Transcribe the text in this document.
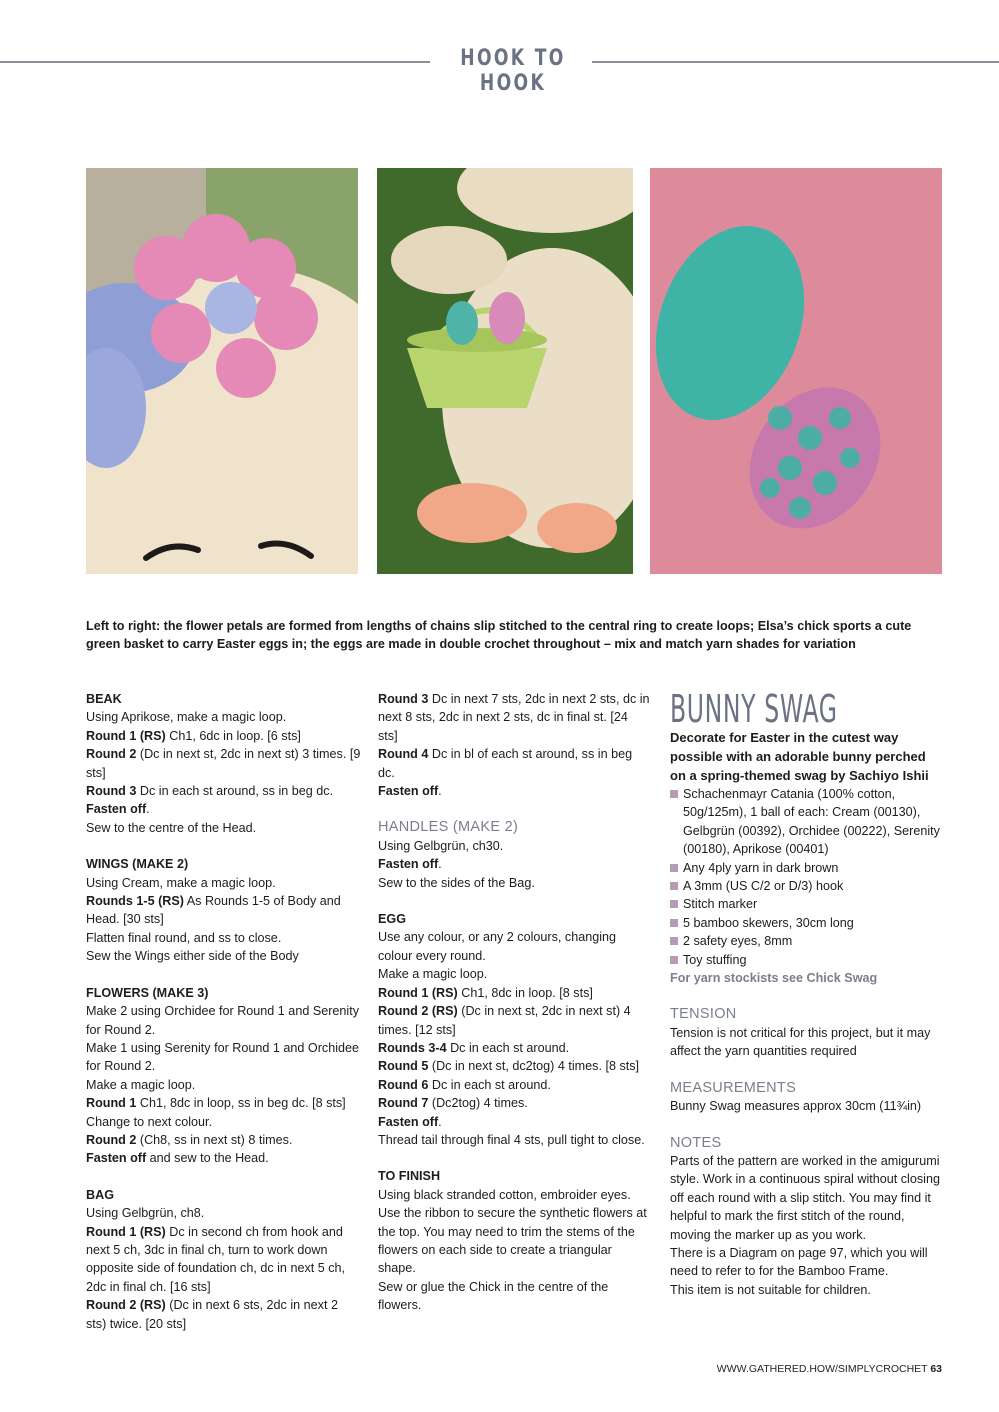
HOOK TO HOOK
Left to right: the flower petals are formed from lengths of chains slip stitched to the central ring to create loops; Elsa’s chick sports a cute green basket to carry Easter eggs in; the eggs are made in double crochet throughout – mix and match yarn shades for variation

BEAK

Using Aprikose, make a magic loop.

Round 1 (RS) Ch1, 6dc in loop. [6 sts]

Round 2 (Dc in next st, 2dc in next st) 3 times. [9 sts]

Round 3 Dc in each st around, ss in beg dc.

Fasten off.

Sew to the centre of the Head.

WINGS (MAKE 2)

Using Cream, make a magic loop.

Rounds 1-5 (RS) As Rounds 1-5 of Body and Head. [30 sts]

Flatten final round, and ss to close.

Sew the Wings either side of the Body

FLOWERS (MAKE 3)

Make 2 using Orchidee for Round 1 and Serenity for Round 2.

Make 1 using Serenity for Round 1 and Orchidee for Round 2.

Make a magic loop.

Round 1 Ch1, 8dc in loop, ss in beg dc. [8 sts]

Change to next colour.

Round 2 (Ch8, ss in next st) 8 times.

Fasten off and sew to the Head.

BAG

Using Gelbgrün, ch8.

Round 1 (RS) Dc in second ch from hook and next 5 ch, 3dc in final ch, turn to work down opposite side of foundation ch, dc in next 5 ch, 2dc in final ch. [16 sts]

Round 2 (RS) (Dc in next 6 sts, 2dc in next 2 sts) twice. [20 sts]

Round 3 Dc in next 7 sts, 2dc in next 2 sts, dc in next 8 sts, 2dc in next 2 sts, dc in final st. [24 sts]

Round 4 Dc in bl of each st around, ss in beg dc.

Fasten off.

HANDLES (MAKE 2)

Using Gelbgrün, ch30.

Fasten off.

Sew to the sides of the Bag.

EGG

Use any colour, or any 2 colours, changing colour every round.

Make a magic loop.

Round 1 (RS) Ch1, 8dc in loop. [8 sts]

Round 2 (RS) (Dc in next st, 2dc in next st) 4 times. [12 sts]

Rounds 3-4 Dc in each st around.

Round 5 (Dc in next st, dc2tog) 4 times. [8 sts]

Round 6 Dc in each st around.

Round 7 (Dc2tog) 4 times.

Fasten off.

Thread tail through final 4 sts, pull tight to close.

TO FINISH

Using black stranded cotton, embroider eyes.

Use the ribbon to secure the synthetic flowers at the top. You may need to trim the stems of the flowers on each side to create a triangular shape.

Sew or glue the Chick in the centre of the flowers.

BUNNY SWAG

Decorate for Easter in the cutest way possible with an adorable bunny perched on a spring-themed swag by Sachiyo Ishii

Schachenmayr Catania (100% cotton, 50g/125m), 1 ball of each: Cream (00130), Gelbgrün (00392), Orchidee (00222), Serenity (00180), Aprikose (00401)
Any 4ply yarn in dark brown
A 3mm (US C/2 or D/3) hook
Stitch marker
5 bamboo skewers, 30cm long
2 safety eyes, 8mm
Toy stuffing

For yarn stockists see Chick Swag

TENSION

Tension is not critical for this project, but it may affect the yarn quantities required

MEASUREMENTS

Bunny Swag measures approx 30cm (11¾in)

NOTES

Parts of the pattern are worked in the amigurumi style. Work in a continuous spiral without closing off each round with a slip stitch. You may find it helpful to mark the first stitch of the round, moving the marker up as you work.

There is a Diagram on page 97, which you will need to refer to for the Bamboo Frame.

This item is not suitable for children.

WWW.GATHERED.HOW/SIMPLYCROCHET 63
